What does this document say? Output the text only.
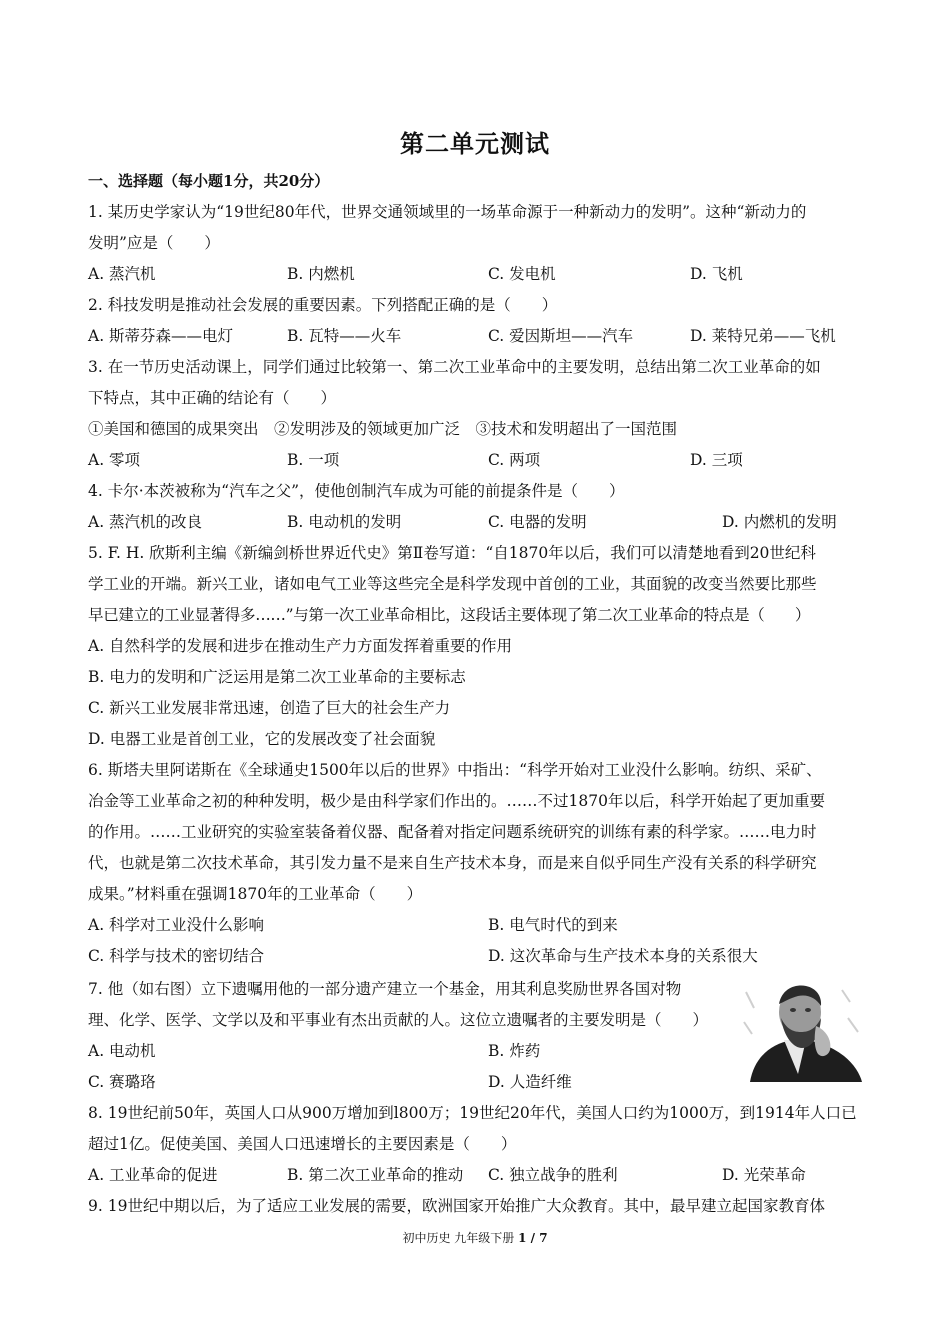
第二单元测试
一、选择题（每小题1分，共20分）
1. 某历史学家认为“19世纪80年代，世界交通领域里的一场革命源于一种新动力的发明”。这种“新动力的
发明”应是（　　）
A. 蒸汽机	B. 内燃机	C. 发电机	D. 飞机
2. 科技发明是推动社会发展的重要因素。下列搭配正确的是（　　）
A. 斯蒂芬森——电灯	B. 瓦特——火车	C. 爱因斯坦——汽车	D. 莱特兄弟——飞机
3. 在一节历史活动课上，同学们通过比较第一、第二次工业革命中的主要发明，总结出第二次工业革命的如
下特点，其中正确的结论有（　　）
①美国和德国的成果突出　②发明涉及的领域更加广泛　③技术和发明超出了一国范围
A. 零项	B. 一项	C. 两项	D. 三项
4. 卡尔·本茨被称为“汽车之父”，使他创制汽车成为可能的前提条件是（　　）
A. 蒸汽机的改良	B. 电动机的发明	C. 电器的发明	D. 内燃机的发明
5. F. H. 欣斯利主编《新编剑桥世界近代史》第Ⅱ卷写道：“自1870年以后，我们可以清楚地看到20世纪科
学工业的开端。新兴工业，诸如电气工业等这些完全是科学发现中首创的工业，其面貌的改变当然要比那些
早已建立的工业显著得多……”与第一次工业革命相比，这段话主要体现了第二次工业革命的特点是（　　）
A. 自然科学的发展和进步在推动生产力方面发挥着重要的作用
B. 电力的发明和广泛运用是第二次工业革命的主要标志
C. 新兴工业发展非常迅速，创造了巨大的社会生产力
D. 电器工业是首创工业，它的发展改变了社会面貌
6. 斯塔夫里阿诺斯在《全球通史1500年以后的世界》中指出：“科学开始对工业没什么影响。纺织、采矿、
冶金等工业革命之初的种种发明，极少是由科学家们作出的。……不过1870年以后，科学开始起了更加重要
的作用。……工业研究的实验室装备着仪器、配备着对指定问题系统研究的训练有素的科学家。……电力时
代，也就是第二次技术革命，其引发力量不是来自生产技术本身，而是来自似乎同生产没有关系的科学研究
成果。”材料重在强调1870年的工业革命（　　）
A. 科学对工业没什么影响	B. 电气时代的到来
C. 科学与技术的密切结合	D. 这次革命与生产技术本身的关系很大
7. 他（如右图）立下遗嘱用他的一部分遗产建立一个基金，用其利息奖励世界各国对物
理、化学、医学、文学以及和平事业有杰出贡献的人。这位立遗嘱者的主要发明是（　　）
A. 电动机	B. 炸药
C. 赛璐珞	D. 人造纤维
8. 19世纪前50年，英国人口从900万增加到l800万；19世纪20年代，美国人口约为1000万，到1914年人口已
超过1亿。促使美国、美国人口迅速增长的主要因素是（　　）
A. 工业革命的促进	B. 第二次工业革命的推动 C. 独立战争的胜利	D. 光荣革命
9. 19世纪中期以后，为了适应工业发展的需要，欧洲国家开始推广大众教育。其中，最早建立起国家教育体
初中历史 九年级下册 1 / 7
